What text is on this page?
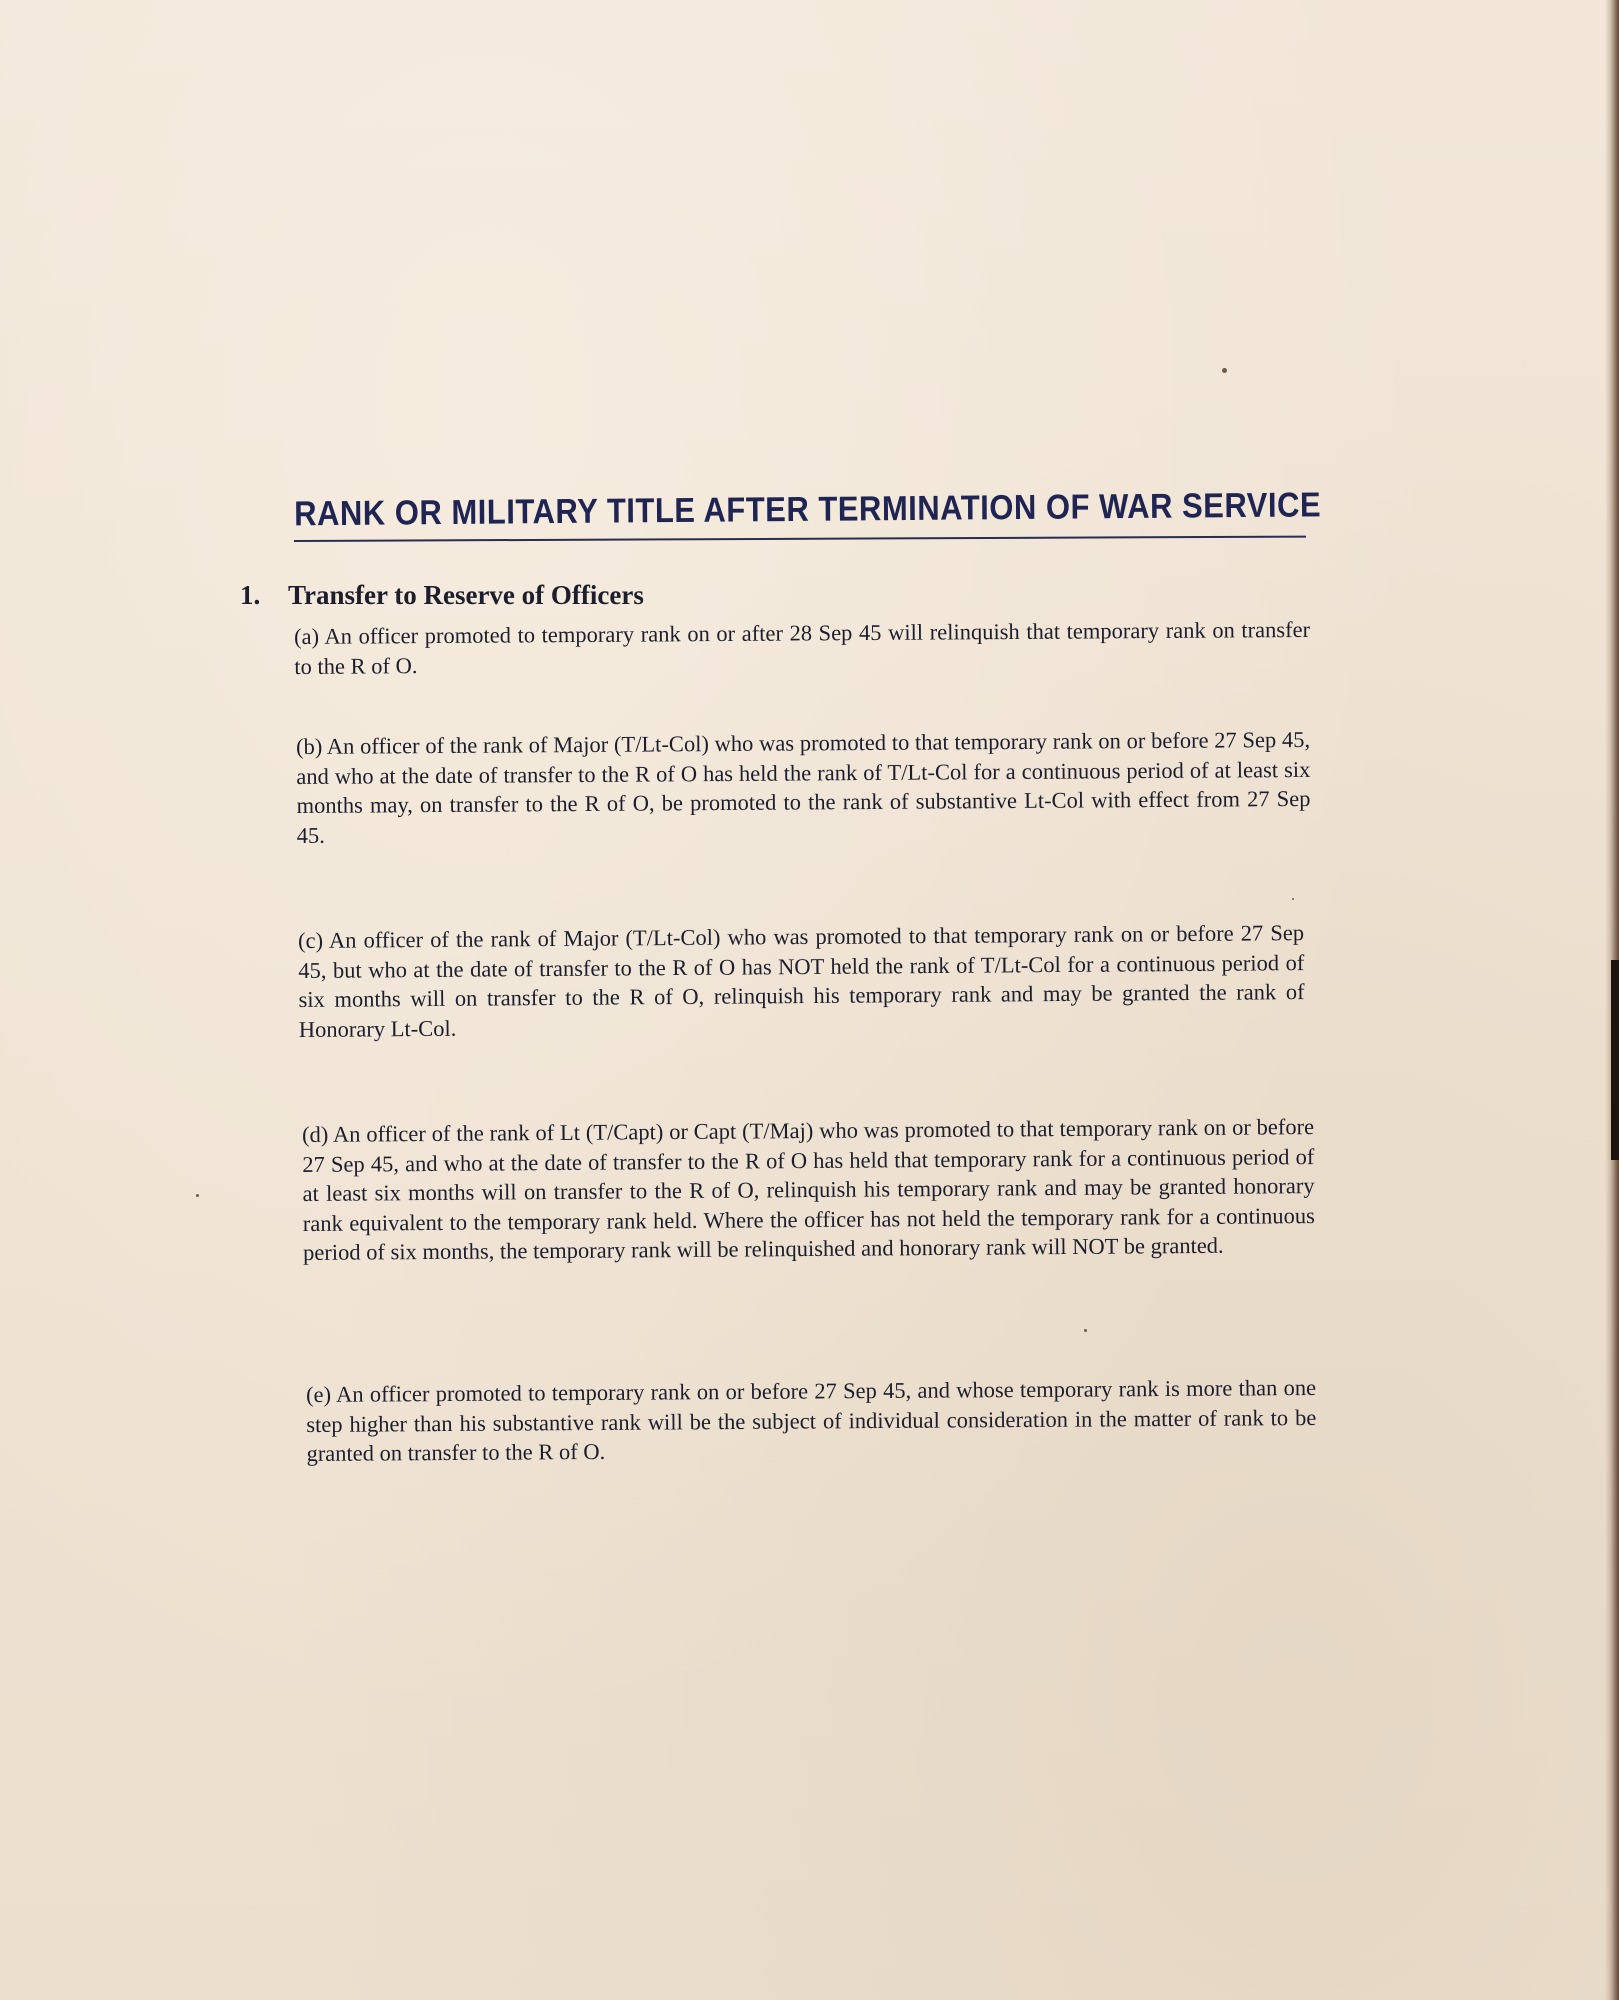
RANK OR MILITARY TITLE AFTER TERMINATION OF WAR SERVICE
1. Transfer to Reserve of Officers

(a) An officer promoted to temporary rank on or after 28 Sep 45 will relinquish that temporary rank on transfer to the R of O.

(b) An officer of the rank of Major (T/Lt-Col) who was promoted to that temporary rank on or before 27 Sep 45, and who at the date of transfer to the R of O has held the rank of T/Lt-Col for a continuous period of at least six months may, on transfer to the R of O, be promoted to the rank of substantive Lt-Col with effect from 27 Sep 45.

(c) An officer of the rank of Major (T/Lt-Col) who was promoted to that temporary rank on or before 27 Sep 45, but who at the date of transfer to the R of O has NOT held the rank of T/Lt-Col for a continuous period of six months will on transfer to the R of O, relinquish his temporary rank and may be granted the rank of Honorary Lt-Col.

(d) An officer of the rank of Lt (T/Capt) or Capt (T/Maj) who was promoted to that temporary rank on or before 27 Sep 45, and who at the date of transfer to the R of O has held that temporary rank for a continuous period of at least six months will on transfer to the R of O, relinquish his temporary rank and may be granted honorary rank equivalent to the temporary rank held. Where the officer has not held the temporary rank for a continuous period of six months, the temporary rank will be relinquished and honorary rank will NOT be granted.

(e) An officer promoted to temporary rank on or before 27 Sep 45, and whose temporary rank is more than one step higher than his substantive rank will be the subject of individual consideration in the matter of rank to be granted on transfer to the R of O.
